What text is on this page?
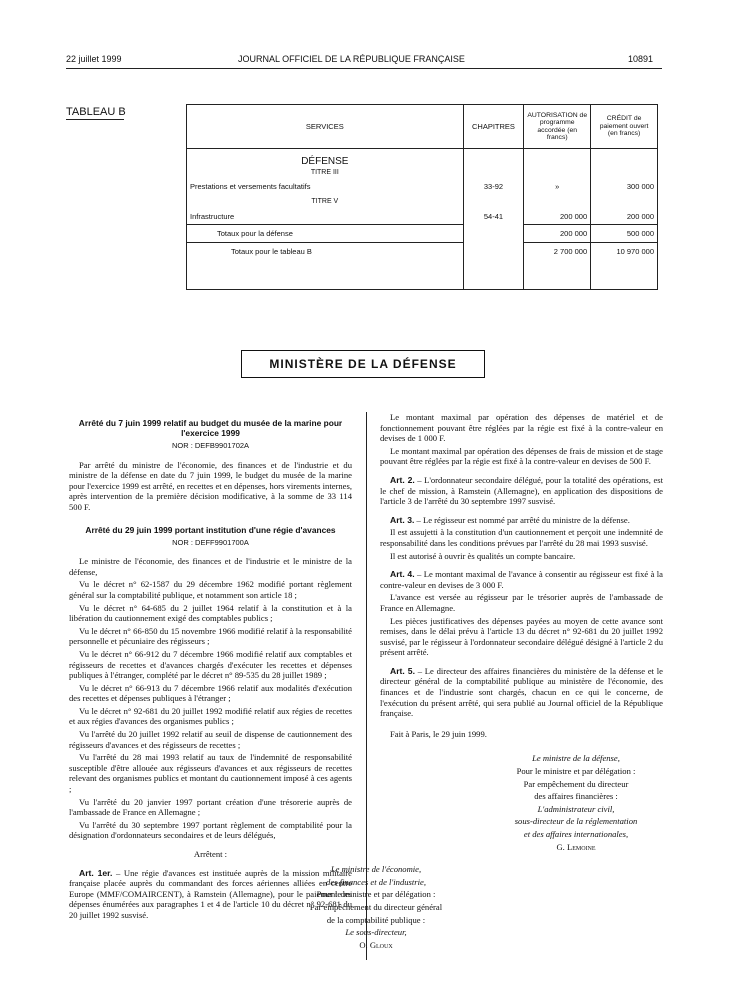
22 juillet 1999	JOURNAL OFFICIEL DE LA RÉPUBLIQUE FRANÇAISE	10891
TABLEAU B
SERVICES	CHAPITRES	AUTORISATION de programme accordée (en francs)	CRÉDIT de paiement ouvert (en francs)
DÉFENSE			
TITRE III			
Prestations et versements facultatifs	33-92	»	300 000
TITRE V			
Infrastructure	54-41	200 000	200 000
Totaux pour la défense		200 000	500 000
Totaux pour le tableau B		2 700 000	10 970 000

MINISTÈRE DE LA DÉFENSE

Arrêté du 7 juin 1999 relatif au budget du musée de la marine pour l'exercice 1999

NOR : DEFB9901702A

Par arrêté du ministre de l'économie, des finances et de l'industrie et du ministre de la défense en date du 7 juin 1999, le budget du musée de la marine pour l'exercice 1999 est arrêté, en recettes et en dépenses, hors virements internes, après intervention de la première décision modificative, à la somme de 33 114 500 F.

Arrêté du 29 juin 1999 portant institution d'une régie d'avances

NOR : DEFF9901700A

Le ministre de l'économie, des finances et de l'industrie et le ministre de la défense,

Vu le décret n° 62-1587 du 29 décembre 1962 modifié portant règlement général sur la comptabilité publique, et notamment son article 18 ;

Vu le décret n° 64-685 du 2 juillet 1964 relatif à la constitution et à la libération du cautionnement exigé des comptables publics ;

Vu le décret n° 66-850 du 15 novembre 1966 modifié relatif à la responsabilité personnelle et pécuniaire des régisseurs ;

Vu le décret n° 66-912 du 7 décembre 1966 modifié relatif aux comptables et régisseurs de recettes et d'avances chargés d'exécuter les recettes et dépenses publiques à l'étranger, complété par le décret n° 89-535 du 28 juillet 1989 ;

Vu le décret n° 66-913 du 7 décembre 1966 relatif aux modalités d'exécution des recettes et dépenses publiques à l'étranger ;

Vu le décret n° 92-681 du 20 juillet 1992 modifié relatif aux régies de recettes et aux régies d'avances des organismes publics ;

Vu l'arrêté du 20 juillet 1992 relatif au seuil de dispense de cautionnement des régisseurs d'avances et des régisseurs de recettes ;

Vu l'arrêté du 28 mai 1993 relatif au taux de l'indemnité de responsabilité susceptible d'être allouée aux régisseurs d'avances et aux régisseurs de recettes relevant des organismes publics et montant du cautionnement imposé à ces agents ;

Vu l'arrêté du 20 janvier 1997 portant création d'une trésorerie auprès de l'ambassade de France en Allemagne ;

Vu l'arrêté du 30 septembre 1997 portant règlement de comptabilité pour la désignation d'ordonnateurs secondaires et de leurs délégués,

Arrêtent :

Art. 1er. – Une régie d'avances est instituée auprès de la mission militaire française placée auprès du commandant des forces aériennes alliées en centre Europe (MMF/COMAIRCENT), à Ramstein (Allemagne), pour le paiement des dépenses énumérées aux paragraphes 1 et 4 de l'article 10 du décret n° 92-681 du 20 juillet 1992 susvisé.

Le montant maximal par opération des dépenses de matériel et de fonctionnement pouvant être réglées par la régie est fixé à la contre-valeur en devises de 1 000 F.

Le montant maximal par opération des dépenses de frais de mission et de stage pouvant être réglées par la régie est fixé à la contre-valeur en devises de 500 F.

Art. 2. – L'ordonnateur secondaire délégué, pour la totalité des opérations, est le chef de mission, à Ramstein (Allemagne), en application des dispositions de l'article 3 de l'arrêté du 30 septembre 1997 susvisé.

Art. 3. – Le régisseur est nommé par arrêté du ministre de la défense.

Il est assujetti à la constitution d'un cautionnement et perçoit une indemnité de responsabilité dans les conditions prévues par l'arrêté du 28 mai 1993 susvisé.

Il est autorisé à ouvrir ès qualités un compte bancaire.

Art. 4. – Le montant maximal de l'avance à consentir au régisseur est fixé à la contre-valeur en devises de 3 000 F.

L'avance est versée au régisseur par le trésorier auprès de l'ambassade de France en Allemagne.

Les pièces justificatives des dépenses payées au moyen de cette avance sont remises, dans le délai prévu à l'article 13 du décret n° 92-681 du 20 juillet 1992 susvisé, par le régisseur à l'ordonnateur secondaire délégué désigné à l'article 2 du présent arrêté.

Art. 5. – Le directeur des affaires financières du ministère de la défense et le directeur général de la comptabilité publique au ministère de l'économie, des finances et de l'industrie sont chargés, chacun en ce qui le concerne, de l'exécution du présent arrêté, qui sera publié au Journal officiel de la République française.

Fait à Paris, le 29 juin 1999.

Le ministre de la défense,

Pour le ministre et par délégation :

Par empêchement du directeur

des affaires financières :

L'administrateur civil,

sous-directeur de la réglementation

et des affaires internationales,

G. Lemoine

Le ministre de l'économie,

des finances et de l'industrie,

Pour le ministre et par délégation :

Par empêchement du directeur général

de la comptabilité publique :

Le sous-directeur,

O. Gloux
